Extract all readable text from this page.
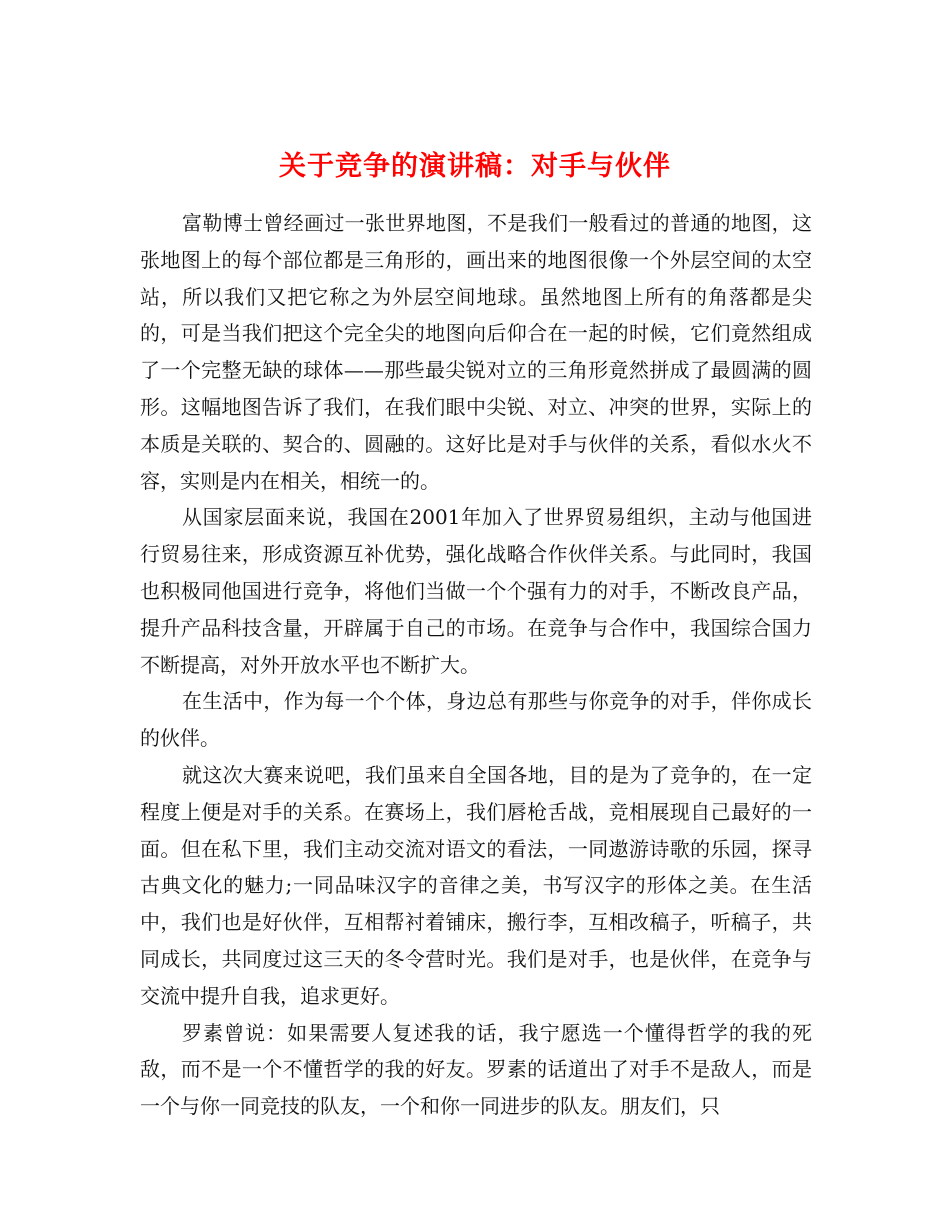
关于竞争的演讲稿：对手与伙伴

富勒博士曾经画过一张世界地图，不是我们一般看过的普通的地图，这张地图上的每个部位都是三角形的，画出来的地图很像一个外层空间的太空站，所以我们又把它称之为外层空间地球。虽然地图上所有的角落都是尖的，可是当我们把这个完全尖的地图向后仰合在一起的时候，它们竟然组成了一个完整无缺的球体——那些最尖锐对立的三角形竟然拼成了最圆满的圆形。这幅地图告诉了我们，在我们眼中尖锐、对立、冲突的世界，实际上的本质是关联的、契合的、圆融的。这好比是对手与伙伴的关系，看似水火不容，实则是内在相关，相统一的。

从国家层面来说，我国在2001年加入了世界贸易组织，主动与他国进行贸易往来，形成资源互补优势，强化战略合作伙伴关系。与此同时，我国也积极同他国进行竞争，将他们当做一个个强有力的对手，不断改良产品，提升产品科技含量，开辟属于自己的市场。在竞争与合作中，我国综合国力不断提高，对外开放水平也不断扩大。

在生活中，作为每一个个体，身边总有那些与你竞争的对手，伴你成长的伙伴。

就这次大赛来说吧，我们虽来自全国各地，目的是为了竞争的，在一定程度上便是对手的关系。在赛场上，我们唇枪舌战，竞相展现自己最好的一面。但在私下里，我们主动交流对语文的看法，一同遨游诗歌的乐园，探寻古典文化的魅力;一同品味汉字的音律之美，书写汉字的形体之美。在生活中，我们也是好伙伴，互相帮衬着铺床，搬行李，互相改稿子，听稿子，共同成长，共同度过这三天的冬令营时光。我们是对手，也是伙伴，在竞争与交流中提升自我，追求更好。

罗素曾说：如果需要人复述我的话，我宁愿选一个懂得哲学的我的死敌，而不是一个不懂哲学的我的好友。罗素的话道出了对手不是敌人，而是一个与你一同竞技的队友，一个和你一同进步的队友。朋友们，只
